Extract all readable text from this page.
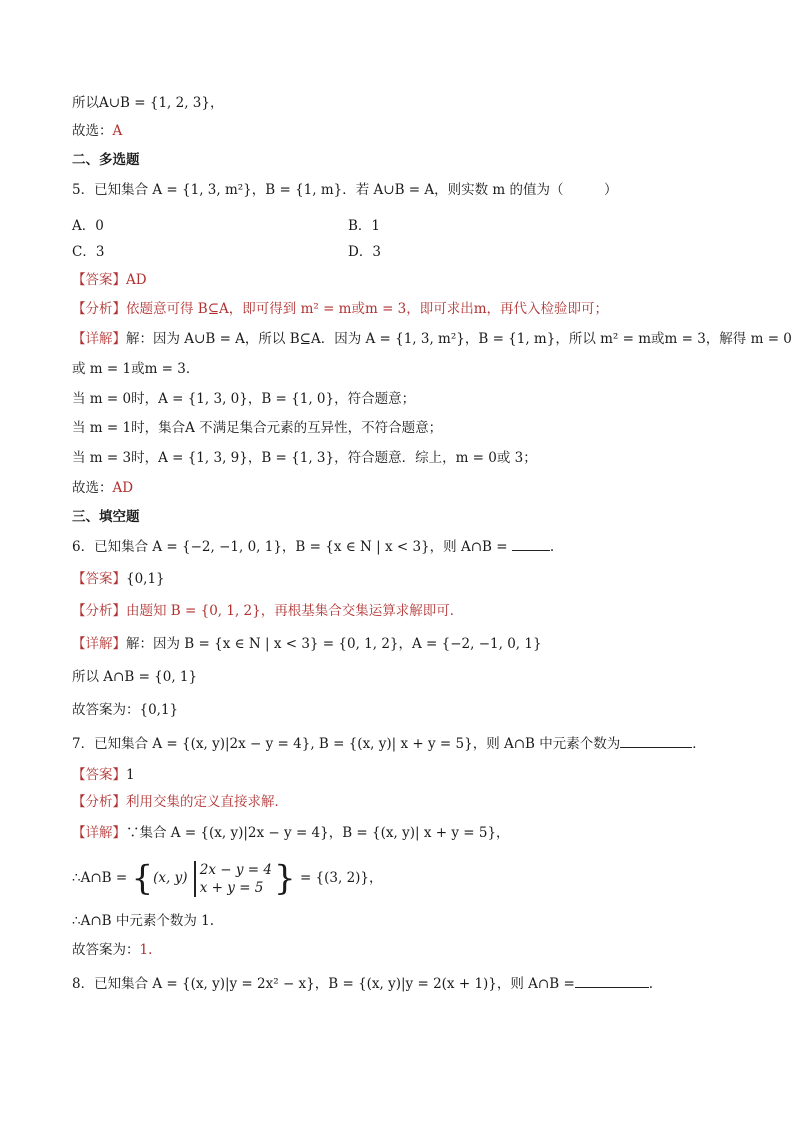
所以A∪B = {1, 2, 3}，
故选：A
二、多选题
5．已知集合 A = {1, 3, m²}，B = {1, m}．若 A∪B = A，则实数 m 的值为（　　　）
A．0	B．1
C．3	D．3
【答案】AD
【分析】依题意可得 B⊆A，即可得到 m² = m或m = 3，即可求出m，再代入检验即可；
【详解】解：因为 A∪B = A，所以 B⊆A．因为 A = {1, 3, m²}，B = {1, m}，所以 m² = m或m = 3，解得 m = 0
或 m = 1或m = 3．
当 m = 0时，A = {1, 3, 0}，B = {1, 0}，符合题意；
当 m = 1时，集合A 不满足集合元素的互异性，不符合题意；
当 m = 3时，A = {1, 3, 9}，B = {1, 3}，符合题意．综上，m = 0或 3；
故选：AD
三、填空题
6．已知集合 A = {−2, −1, 0, 1}，B = {x ∈ N | x < 3}，则 A∩B =	.
【答案】{0,1}
【分析】由题知 B = {0, 1, 2}，再根基集合交集运算求解即可．
【详解】解：因为 B = {x ∈ N | x < 3} = {0, 1, 2}，A = {−2, −1, 0, 1}
所以 A∩B = {0, 1}
故答案为：{0,1}
7．已知集合 A = {(x, y)|2x − y = 4}, B = {(x, y)| x + y = 5}，则 A∩B 中元素个数为	．
【答案】1
【分析】利用交集的定义直接求解．
【详解】∵集合 A = {(x, y)|2x − y = 4}，B = {(x, y)| x + y = 5}，
∴A∩B = {(x, y)
2x − y = 4
x + y = 5 } = {(3, 2)}，
∴A∩B 中元素个数为 1.
故答案为：1.
8．已知集合 A = {(x, y)|y = 2x² − x}，B = {(x, y)|y = 2(x + 1)}，则 A∩B =	.
